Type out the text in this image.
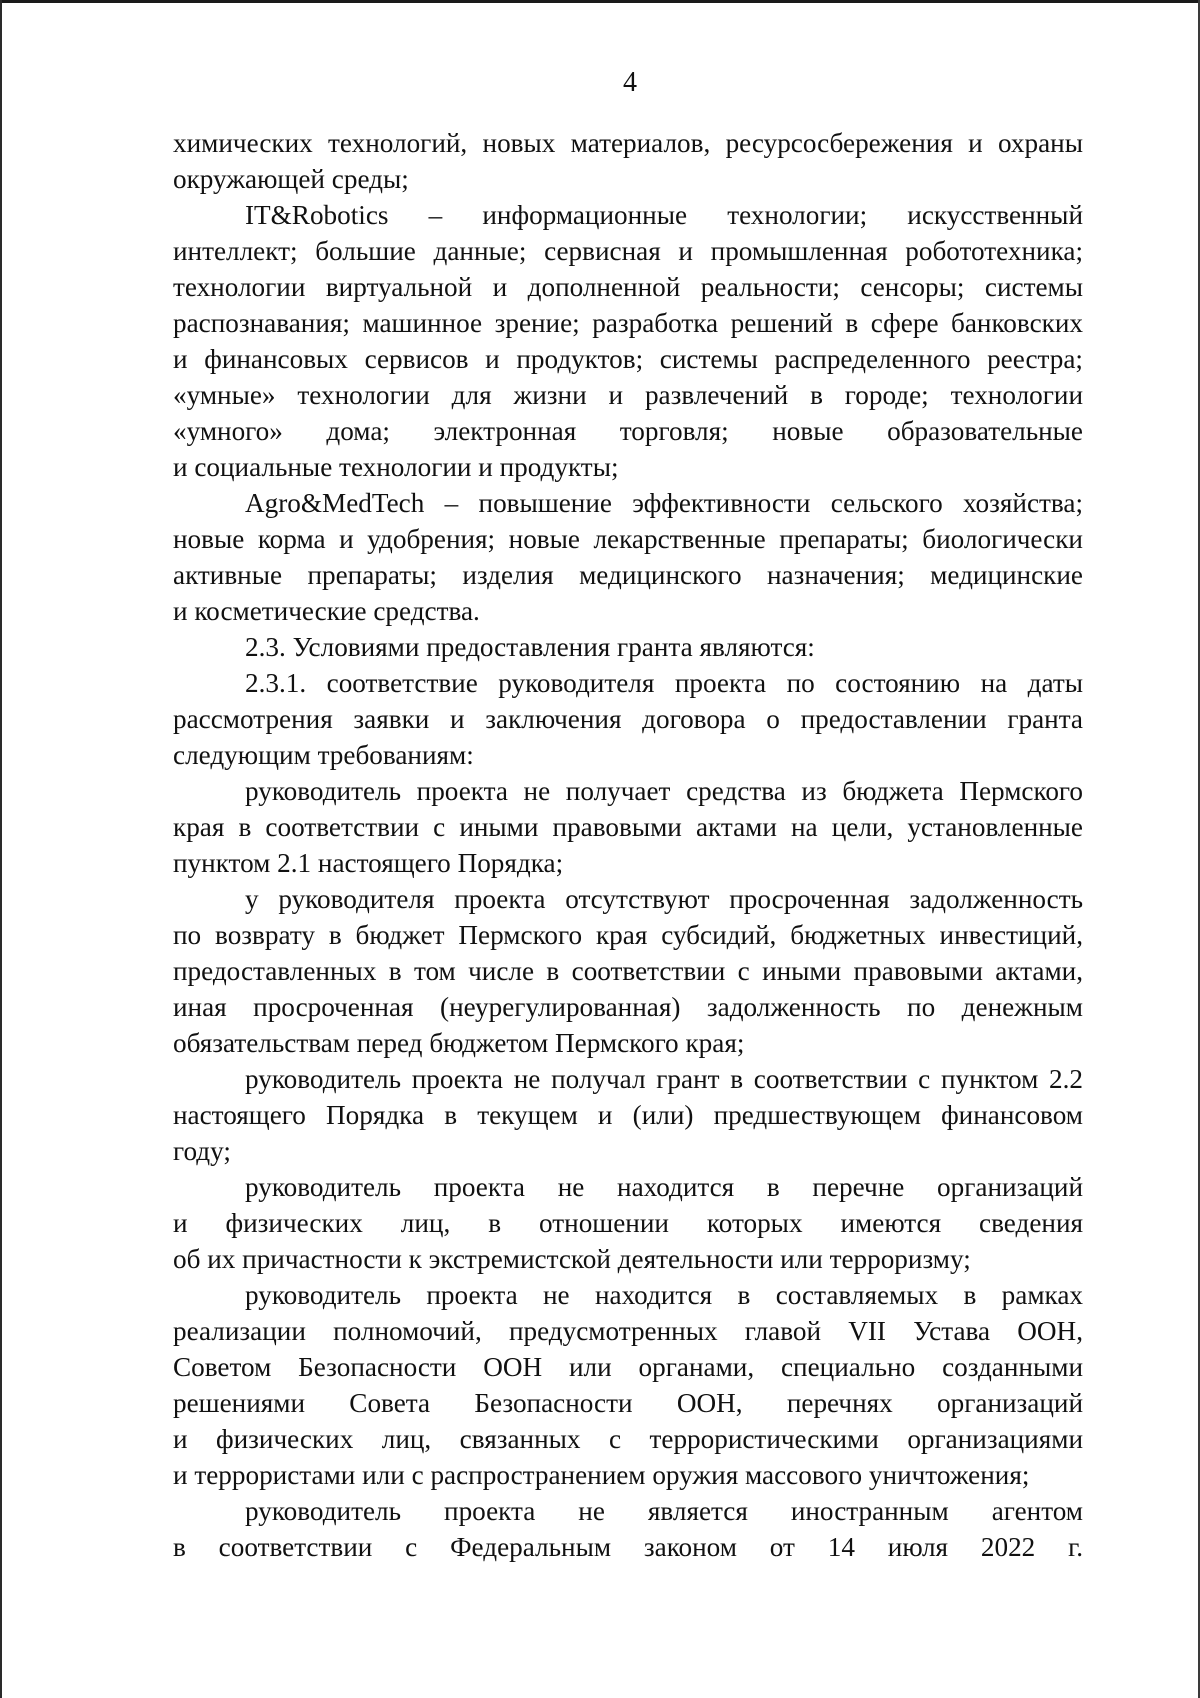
4
химических технологий, новых материалов, ресурсосбережения и охраны
окружающей среды;
IT&Robotics – информационные технологии; искусственный
интеллект; большие данные; сервисная и промышленная робототехника;
технологии виртуальной и дополненной реальности; сенсоры; системы
распознавания; машинное зрение; разработка решений в сфере банковских
и финансовых сервисов и продуктов; системы распределенного реестра;
«умные» технологии для жизни и развлечений в городе; технологии
«умного» дома; электронная торговля; новые образовательные
и социальные технологии и продукты;
Agro&MedTech – повышение эффективности сельского хозяйства;
новые корма и удобрения; новые лекарственные препараты; биологически
активные препараты; изделия медицинского назначения; медицинские
и косметические средства.
2.3. Условиями предоставления гранта являются:
2.3.1. соответствие руководителя проекта по состоянию на даты
рассмотрения заявки и заключения договора о предоставлении гранта
следующим требованиям:
руководитель проекта не получает средства из бюджета Пермского
края в соответствии с иными правовыми актами на цели, установленные
пунктом 2.1 настоящего Порядка;
у руководителя проекта отсутствуют просроченная задолженность
по возврату в бюджет Пермского края субсидий, бюджетных инвестиций,
предоставленных в том числе в соответствии с иными правовыми актами,
иная просроченная (неурегулированная) задолженность по денежным
обязательствам перед бюджетом Пермского края;
руководитель проекта не получал грант в соответствии с пунктом 2.2
настоящего Порядка в текущем и (или) предшествующем финансовом
году;
руководитель проекта не находится в перечне организаций
и физических лиц, в отношении которых имеются сведения
об их причастности к экстремистской деятельности или терроризму;
руководитель проекта не находится в составляемых в рамках
реализации полномочий, предусмотренных главой VII Устава ООН,
Советом Безопасности ООН или органами, специально созданными
решениями Совета Безопасности ООН, перечнях организаций
и физических лиц, связанных с террористическими организациями
и террористами или с распространением оружия массового уничтожения;
руководитель проекта не является иностранным агентом
в соответствии с Федеральным законом от 14 июля 2022 г.
